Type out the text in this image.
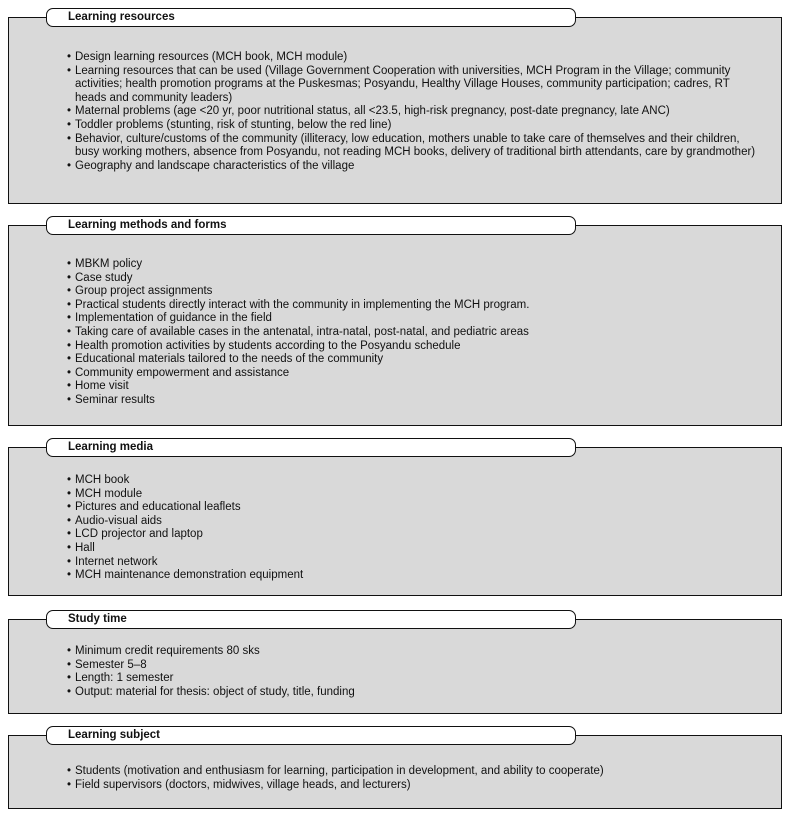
Learning resources
• Design learning resources (MCH book, MCH module)
• Learning resources that can be used (Village Government Cooperation with universities, MCH Program in the Village; community activities; health promotion programs at the Puskesmas; Posyandu, Healthy Village Houses, community participation; cadres, RT heads and community leaders)
• Maternal problems (age <20 yr, poor nutritional status, all <23.5, high-risk pregnancy, post-date pregnancy, late ANC)
• Toddler problems (stunting, risk of stunting, below the red line)
• Behavior, culture/customs of the community (illiteracy, low education, mothers unable to take care of themselves and their children, busy working mothers, absence from Posyandu, not reading MCH books, delivery of traditional birth attendants, care by grandmother)
• Geography and landscape characteristics of the village
Learning methods and forms
• MBKM policy
• Case study
• Group project assignments
• Practical students directly interact with the community in implementing the MCH program.
• Implementation of guidance in the field
• Taking care of available cases in the antenatal, intra-natal, post-natal, and pediatric areas
• Health promotion activities by students according to the Posyandu schedule
• Educational materials tailored to the needs of the community
• Community empowerment and assistance
• Home visit
• Seminar results
Learning media
• MCH book
• MCH module
• Pictures and educational leaflets
• Audio-visual aids
• LCD projector and laptop
• Hall
• Internet network
• MCH maintenance demonstration equipment
Study time
• Minimum credit requirements 80 sks
• Semester 5–8
• Length: 1 semester
• Output: material for thesis: object of study, title, funding
Learning subject
• Students (motivation and enthusiasm for learning, participation in development, and ability to cooperate)
• Field supervisors (doctors, midwives, village heads, and lecturers)
